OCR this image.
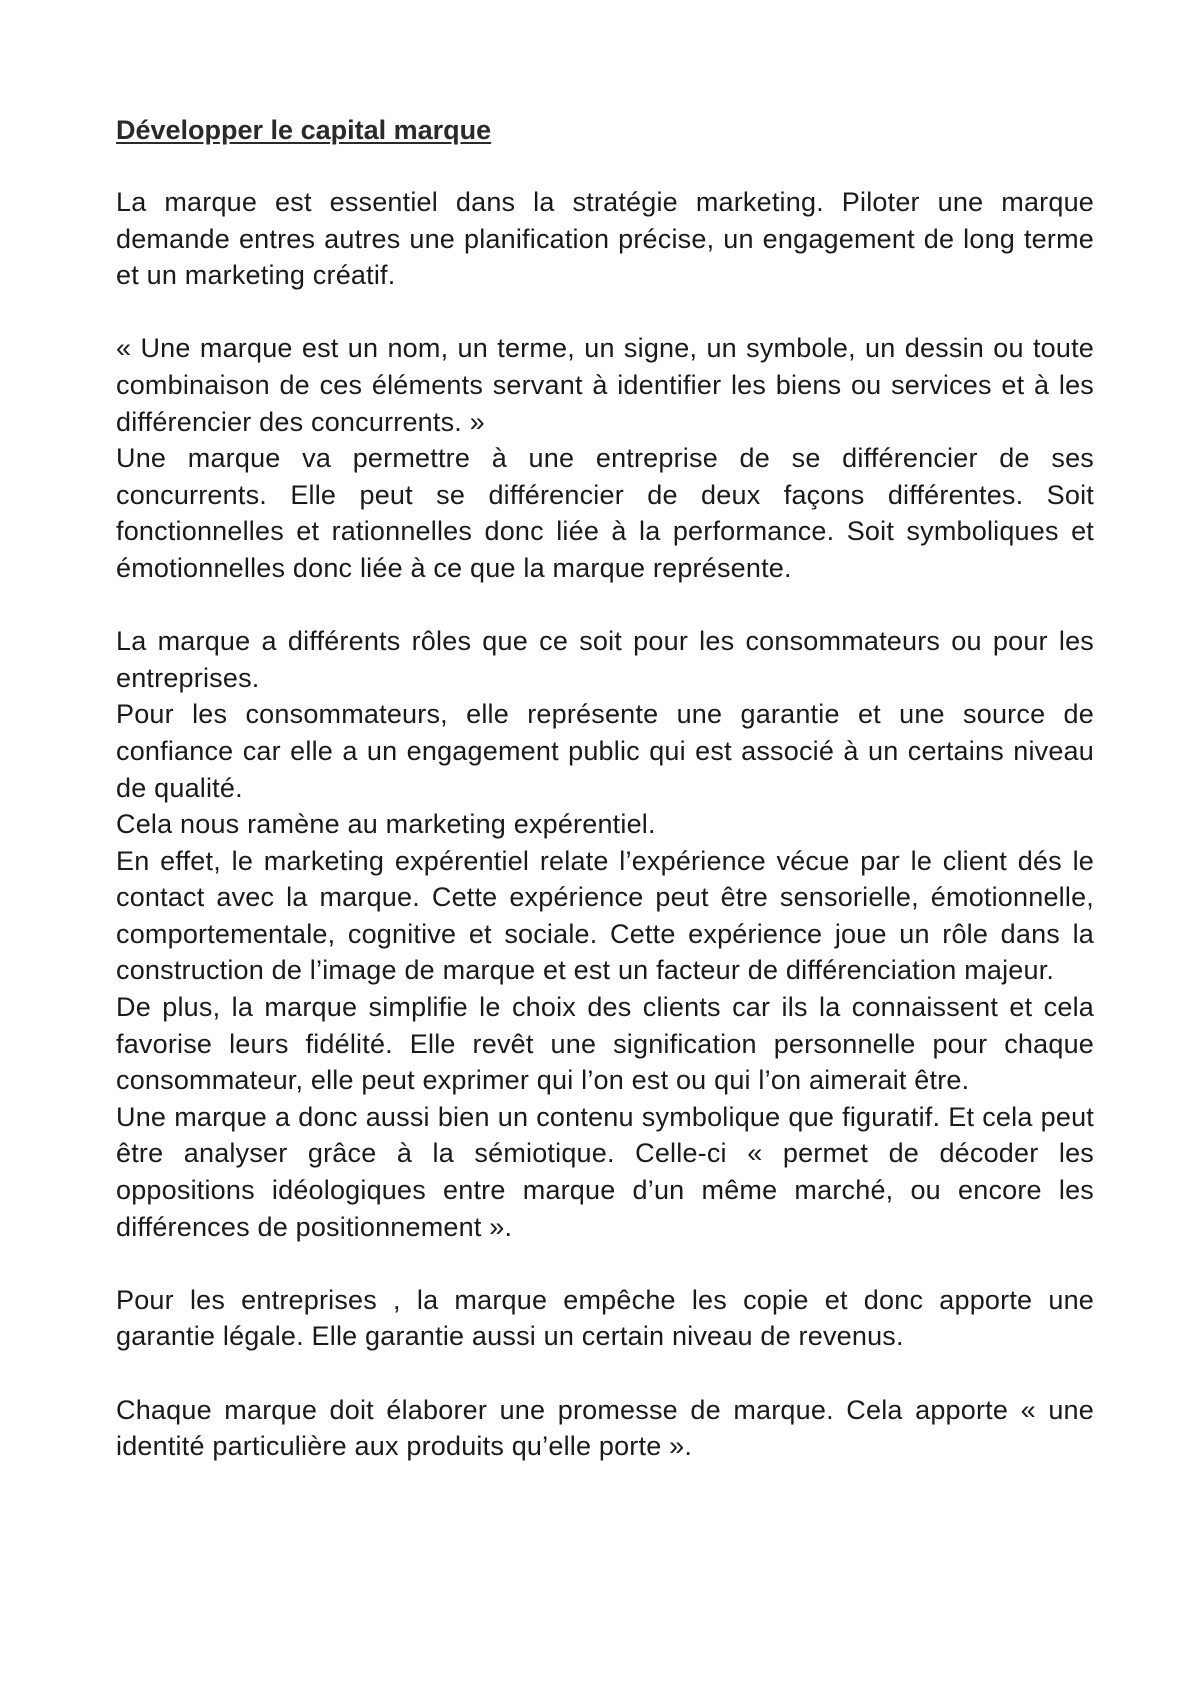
Développer le capital marque

La marque est essentiel dans la stratégie marketing. Piloter une marque demande entres autres une planification précise, un engagement de long terme et un marketing créatif.

« Une marque est un nom, un terme, un signe, un symbole, un dessin ou toute combinaison de ces éléments servant à identifier les biens ou services et à les différencier des concurrents. »

Une marque va permettre à une entreprise de se différencier de ses concurrents. Elle peut se différencier de deux façons différentes. Soit fonctionnelles et rationnelles donc liée à la performance. Soit symboliques et émotionnelles donc liée à ce que la marque représente.

La marque a différents rôles que ce soit pour les consommateurs ou pour les entreprises.

Pour les consommateurs, elle représente une garantie et une source de confiance car elle a un engagement public qui est associé à un certains niveau de qualité.

Cela nous ramène au marketing expérentiel.

En effet, le marketing expérentiel relate l’expérience vécue par le client dés le contact avec la marque. Cette expérience peut être sensorielle, émotionnelle, comportementale, cognitive et sociale. Cette expérience joue un rôle dans la construction de l’image de marque et est un facteur de différenciation majeur.

De plus, la marque simplifie le choix des clients car ils la connaissent et cela favorise leurs fidélité. Elle revêt une signification personnelle pour chaque consommateur, elle peut exprimer qui l’on est ou qui l’on aimerait être.

Une marque a donc aussi bien un contenu symbolique que figuratif. Et cela peut être analyser grâce à la sémiotique. Celle-ci « permet de décoder les oppositions idéologiques entre marque d’un même marché, ou encore les différences de positionnement ».

Pour les entreprises , la marque empêche les copie et donc apporte une garantie légale. Elle garantie aussi un certain niveau de revenus.

Chaque marque doit élaborer une promesse de marque. Cela apporte « une identité particulière aux produits qu’elle porte ».
